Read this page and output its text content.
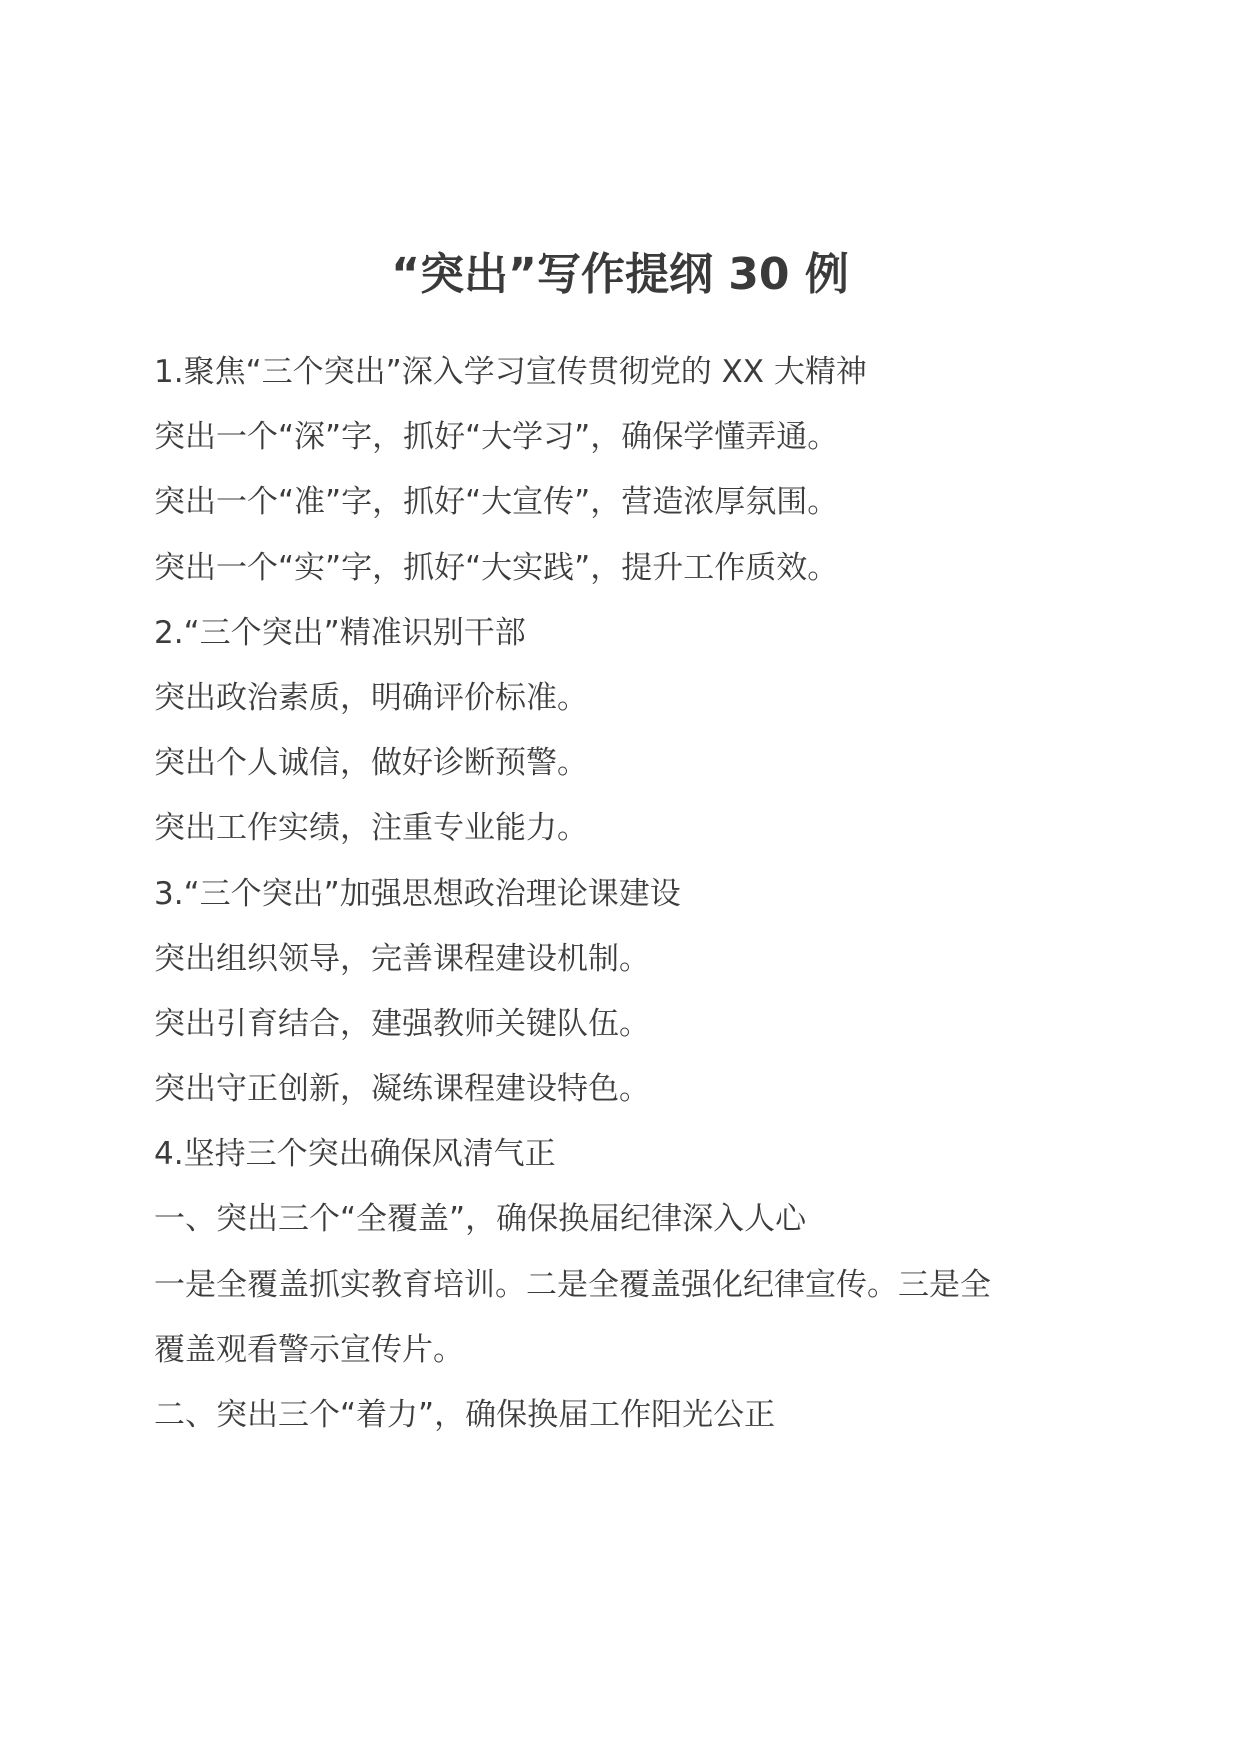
“突出”写作提纲 30 例

1.聚焦“三个突出”深入学习宣传贯彻党的 XX 大精神

突出一个“深”字，抓好“大学习”，确保学懂弄通。

突出一个“准”字，抓好“大宣传”，营造浓厚氛围。

突出一个“实”字，抓好“大实践”，提升工作质效。

2.“三个突出”精准识别干部

突出政治素质，明确评价标准。

突出个人诚信，做好诊断预警。

突出工作实绩，注重专业能力。

3.“三个突出”加强思想政治理论课建设

突出组织领导，完善课程建设机制。

突出引育结合，建强教师关键队伍。

突出守正创新，凝练课程建设特色。

4.坚持三个突出确保风清气正

一、突出三个“全覆盖”，确保换届纪律深入人心

一是全覆盖抓实教育培训。二是全覆盖强化纪律宣传。三是全

覆盖观看警示宣传片。

二、突出三个“着力”，确保换届工作阳光公正
